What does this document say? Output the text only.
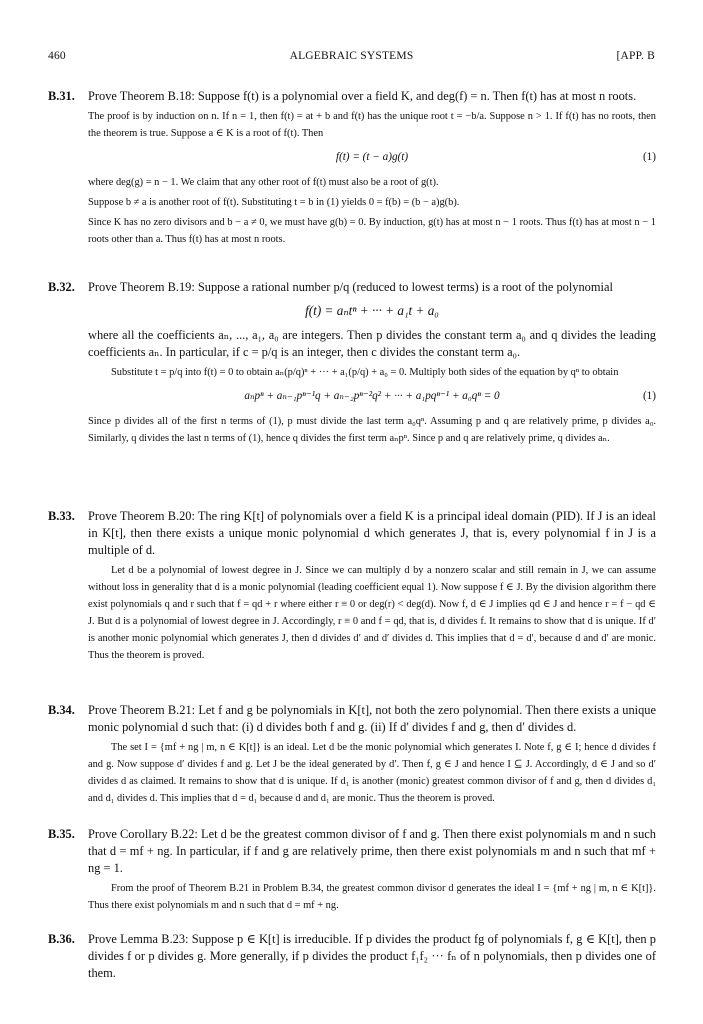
460	ALGEBRAIC SYSTEMS	[APP. B
B.31. Prove Theorem B.18: Suppose f(t) is a polynomial over a field K, and deg(f) = n. Then f(t) has at most n roots.

The proof is by induction on n. If n = 1, then f(t) = at + b and f(t) has the unique root t = −b/a. Suppose n > 1. If f(t) has no roots, then the theorem is true. Suppose a ∈ K is a root of f(t). Then

f(t) = (t − a)g(t)	(1)

where deg(g) = n − 1. We claim that any other root of f(t) must also be a root of g(t).

Suppose b ≠ a is another root of f(t). Substituting t = b in (1) yields 0 = f(b) = (b − a)g(b).

Since K has no zero divisors and b − a ≠ 0, we must have g(b) = 0. By induction, g(t) has at most n − 1 roots. Thus f(t) has at most n − 1 roots other than a. Thus f(t) has at most n roots.

B.32. Prove Theorem B.19: Suppose a rational number p/q (reduced to lowest terms) is a root of the polynomial
f(t) = aₙtⁿ + ··· + a₁t + a₀
where all the coefficients aₙ, ..., a₁, a₀ are integers. Then p divides the constant term a₀ and q divides the leading coefficients aₙ. In particular, if c = p/q is an integer, then c divides the constant term a₀.

Substitute t = p/q into f(t) = 0 to obtain aₙ(p/q)ⁿ + ··· + a₁(p/q) + a₀ = 0. Multiply both sides of the equation by qⁿ to obtain

aₙpⁿ + aₙ₋₁pⁿ⁻¹q + aₙ₋₂pⁿ⁻²q² + ··· + a₁pqⁿ⁻¹ + a₀qⁿ = 0	(1)

Since p divides all of the first n terms of (1), p must divide the last term a₀qⁿ. Assuming p and q are relatively prime, p divides a₀. Similarly, q divides the last n terms of (1), hence q divides the first term aₙpⁿ. Since p and q are relatively prime, q divides aₙ.

B.33. Prove Theorem B.20: The ring K[t] of polynomials over a field K is a principal ideal domain (PID). If J is an ideal in K[t], then there exists a unique monic polynomial d which generates J, that is, every polynomial f in J is a multiple of d.

Let d be a polynomial of lowest degree in J. Since we can multiply d by a nonzero scalar and still remain in J, we can assume without loss in generality that d is a monic polynomial (leading coefficient equal 1). Now suppose f ∈ J. By the division algorithm there exist polynomials q and r such that f = qd + r where either r ≡ 0 or deg(r) < deg(d). Now f, d ∈ J implies qd ∈ J and hence r = f − qd ∈ J. But d is a polynomial of lowest degree in J. Accordingly, r ≡ 0 and f = qd, that is, d divides f. It remains to show that d is unique. If d′ is another monic polynomial which generates J, then d divides d′ and d′ divides d. This implies that d = d′, because d and d′ are monic. Thus the theorem is proved.

B.34. Prove Theorem B.21: Let f and g be polynomials in K[t], not both the zero polynomial. Then there exists a unique monic polynomial d such that: (i) d divides both f and g. (ii) If d′ divides f and g, then d′ divides d.

The set I = {mf + ng | m, n ∈ K[t]} is an ideal. Let d be the monic polynomial which generates I. Note f, g ∈ I; hence d divides f and g. Now suppose d′ divides f and g. Let J be the ideal generated by d′. Then f, g ∈ J and hence I ⊆ J. Accordingly, d ∈ J and so d′ divides d as claimed. It remains to show that d is unique. If d₁ is another (monic) greatest common divisor of f and g, then d divides d₁ and d₁ divides d. This implies that d = d₁ because d and d₁ are monic. Thus the theorem is proved.

B.35. Prove Corollary B.22: Let d be the greatest common divisor of f and g. Then there exist polynomials m and n such that d = mf + ng. In particular, if f and g are relatively prime, then there exist polynomials m and n such that mf + ng = 1.

From the proof of Theorem B.21 in Problem B.34, the greatest common divisor d generates the ideal I = {mf + ng | m, n ∈ K[t]}. Thus there exist polynomials m and n such that d = mf + ng.

B.36. Prove Lemma B.23: Suppose p ∈ K[t] is irreducible. If p divides the product fg of polynomials f, g ∈ K[t], then p divides f or p divides g. More generally, if p divides the product f₁f₂ ··· fₙ of n polynomials, then p divides one of them.
